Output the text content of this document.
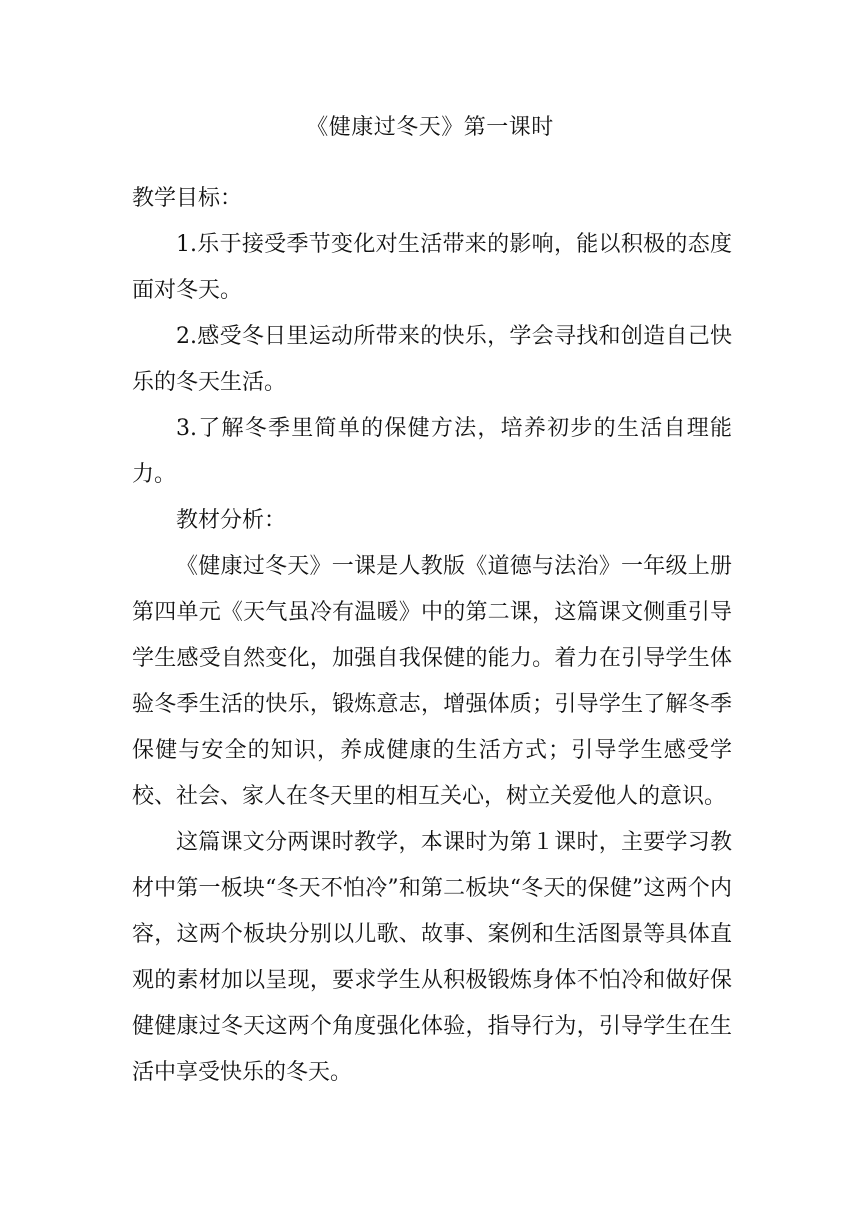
《健康过冬天》第一课时

教学目标：

1.乐于接受季节变化对生活带来的影响，能以积极的态度面对冬天。

2.感受冬日里运动所带来的快乐，学会寻找和创造自己快乐的冬天生活。

3.了解冬季里简单的保健方法，培养初步的生活自理能力。

教材分析：

《健康过冬天》一课是人教版《道德与法治》一年级上册第四单元《天气虽冷有温暖》中的第二课，这篇课文侧重引导学生感受自然变化，加强自我保健的能力。着力在引导学生体验冬季生活的快乐，锻炼意志，增强体质；引导学生了解冬季保健与安全的知识，养成健康的生活方式；引导学生感受学校、社会、家人在冬天里的相互关心，树立关爱他人的意识。

这篇课文分两课时教学，本课时为第１课时，主要学习教材中第一板块“冬天不怕冷”和第二板块“冬天的保健”这两个内容，这两个板块分别以儿歌、故事、案例和生活图景等具体直观的素材加以呈现，要求学生从积极锻炼身体不怕冷和做好保健健康过冬天这两个角度强化体验，指导行为，引导学生在生活中享受快乐的冬天。
